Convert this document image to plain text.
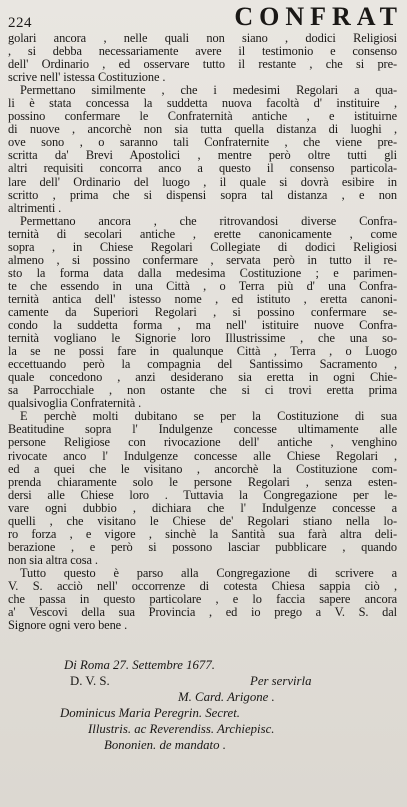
224	CONFRAT
golari ancora , nelle quali non siano , dodici Religiosi
, si debba necessariamente avere il testimonio e consenso
dell' Ordinario , ed osservare tutto il restante , che si pre-
scrive nell' istessa Costituzione .
Permettano similmente , che i medesimi Regolari a qua-
li è stata concessa la suddetta nuova facoltà d' instituire ,
possino confermare le Confraternità antiche , e istituirne
di nuove , ancorchè non sia tutta quella distanza di luoghi ,
ove sono , o saranno tali Confraternite , che viene pre-
scritta da' Brevi Apostolici , mentre però oltre tutti gli
altri requisiti concorra anco a questo il consenso particola-
lare dell' Ordinario del luogo , il quale si dovrà esibire in
scritto , prima che si dispensi sopra tal distanza , e non
altrimenti .
Permettano ancora , che ritrovandosi diverse Confra-
ternità di secolari antiche , erette canonicamente , come
sopra , in Chiese Regolari Collegiate di dodici Religiosi
almeno , si possino confermare , servata però in tutto il re-
sto la forma data dalla medesima Costituzione ; e parimen-
te che essendo in una Città , o Terra più d' una Confra-
ternità antica dell' istesso nome , ed istituto , eretta canoni-
camente da Superiori Regolari , si possino confermare se-
condo la suddetta forma , ma nell' istituire nuove Confra-
ternità vogliano le Signorie loro Illustrissime , che una so-
la se ne possi fare in qualunque Città , Terra , o Luogo
eccettuando però la compagnia del Santissimo Sacramento ,
quale concedono , anzi desiderano sia eretta in ogni Chie-
sa Parrocchiale , non ostante che si ci trovi eretta prima
qualsivoglia Confraternità .
E perchè molti dubitano se per la Costituzione di sua
Beatitudine sopra l' Indulgenze concesse ultimamente alle
persone Religiose con rivocazione dell' antiche , venghino
rivocate anco l' Indulgenze concesse alle Chiese Regolari ,
ed a quei che le visitano , ancorchè la Costituzione com-
prenda chiaramente solo le persone Regolari , senza esten-
dersi alle Chiese loro . Tuttavia la Congregazione per le-
vare ogni dubbio , dichiara che l' Indulgenze concesse a
quelli , che visitano le Chiese de' Regolari stiano nella lo-
ro forza , e vigore , sinchè la Santità sua farà altra deli-
berazione , e però si possono lasciar pubblicare , quando
non sia altra cosa .
Tutto questo è parso alla Congregazione di scrivere a
V. S. acciò nell' occorrenze di cotesta Chiesa sappia ciò ,
che passa in questo particolare , e lo faccia sapere ancora
a' Vescovi della sua Provincia , ed io prego a V. S. dal
Signore ogni vero bene .
Di Roma 27. Settembre 1677.
D. V. S.	Per servirla
M. Card. Arigone .
Dominicus Maria Peregrin. Secret.
Illustris. ac Reverendiss. Archiepisc.
Bononien. de mandato .
